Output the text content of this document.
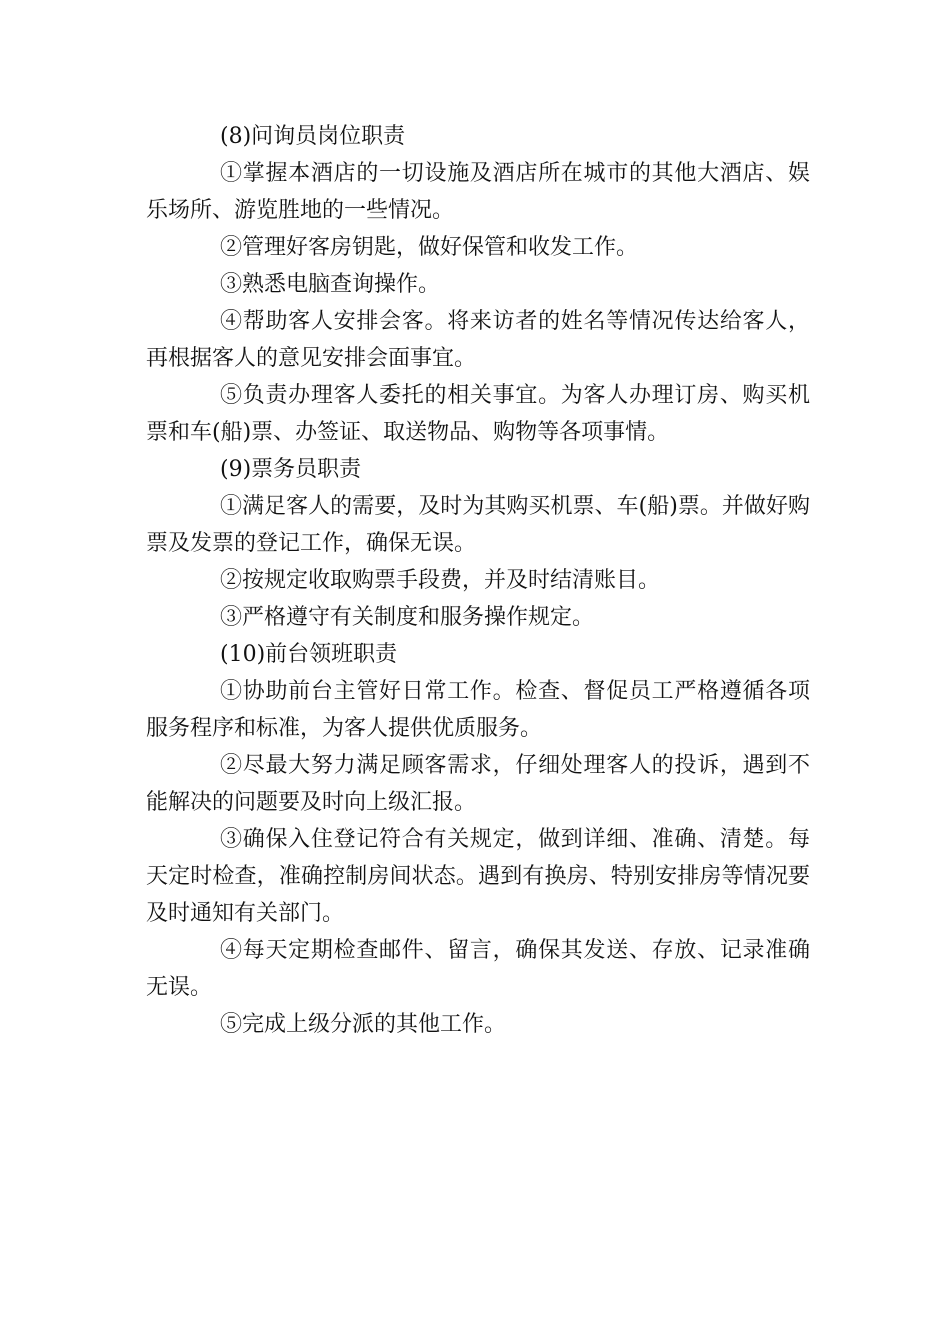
(8)问询员岗位职责

①掌握本酒店的一切设施及酒店所在城市的其他大酒店、娱乐场所、游览胜地的一些情况。

②管理好客房钥匙，做好保管和收发工作。

③熟悉电脑查询操作。

④帮助客人安排会客。将来访者的姓名等情况传达给客人，再根据客人的意见安排会面事宜。

⑤负责办理客人委托的相关事宜。为客人办理订房、购买机票和车(船)票、办签证、取送物品、购物等各项事情。

(9)票务员职责

①满足客人的需要，及时为其购买机票、车(船)票。并做好购票及发票的登记工作，确保无误。

②按规定收取购票手段费，并及时结清账目。

③严格遵守有关制度和服务操作规定。

(10)前台领班职责

①协助前台主管好日常工作。检查、督促员工严格遵循各项服务程序和标准，为客人提供优质服务。

②尽最大努力满足顾客需求，仔细处理客人的投诉，遇到不能解决的问题要及时向上级汇报。

③确保入住登记符合有关规定，做到详细、准确、清楚。每天定时检查，准确控制房间状态。遇到有换房、特别安排房等情况要及时通知有关部门。

④每天定期检查邮件、留言，确保其发送、存放、记录准确无误。

⑤完成上级分派的其他工作。
